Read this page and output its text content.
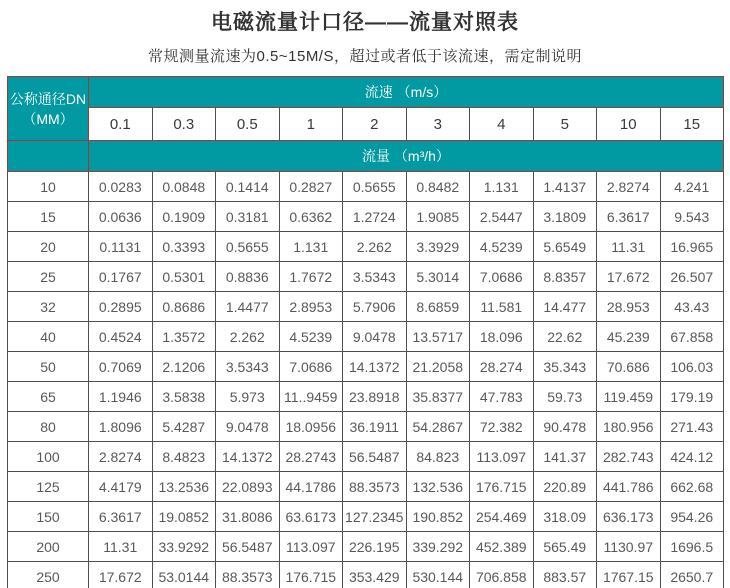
电磁流量计口径——流量对照表
常规测量流速为0.5~15M/S，超过或者低于该流速，需定制说明
公称通径DN
（MM）	流速 （m/s）									
	0.1	0.3	0.5	1	2	3	4	5	10	15
	流量 （m³/h）									
10	0.0283	0.0848	0.1414	0.2827	0.5655	0.8482	1.131	1.4137	2.8274	4.241
15	0.0636	0.1909	0.3181	0.6362	1.2724	1.9085	2.5447	3.1809	6.3617	9.543
20	0.1131	0.3393	0.5655	1.131	2.262	3.3929	4.5239	5.6549	11.31	16.965
25	0.1767	0.5301	0.8836	1.7672	3.5343	5.3014	7.0686	8.8357	17.672	26.507
32	0.2895	0.8686	1.4477	2.8953	5.7906	8.6859	11.581	14.477	28.953	43.43
40	0.4524	1.3572	2.262	4.5239	9.0478	13.5717	18.096	22.62	45.239	67.858
50	0.7069	2.1206	3.5343	7.0686	14.1372	21.2058	28.274	35.343	70.686	106.03
65	1.1946	3.5838	5.973	11..9459	23.8918	35.8377	47.783	59.73	119.459	179.19
80	1.8096	5.4287	9.0478	18.0956	36.1911	54.2867	72.382	90.478	180.956	271.43
100	2.8274	8.4823	14.1372	28.2743	56.5487	84.823	113.097	141.37	282.743	424.12
125	4.4179	13.2536	22.0893	44.1786	88.3573	132.536	176.715	220.89	441.786	662.68
150	6.3617	19.0852	31.8086	63.6173	127.2345	190.852	254.469	318.09	636.173	954.26
200	11.31	33.9292	56.5487	113.097	226.195	339.292	452.389	565.49	1130.97	1696.5
250	17.672	53.0144	88.3573	176.715	353.429	530.144	706.858	883.57	1767.15	2650.7
